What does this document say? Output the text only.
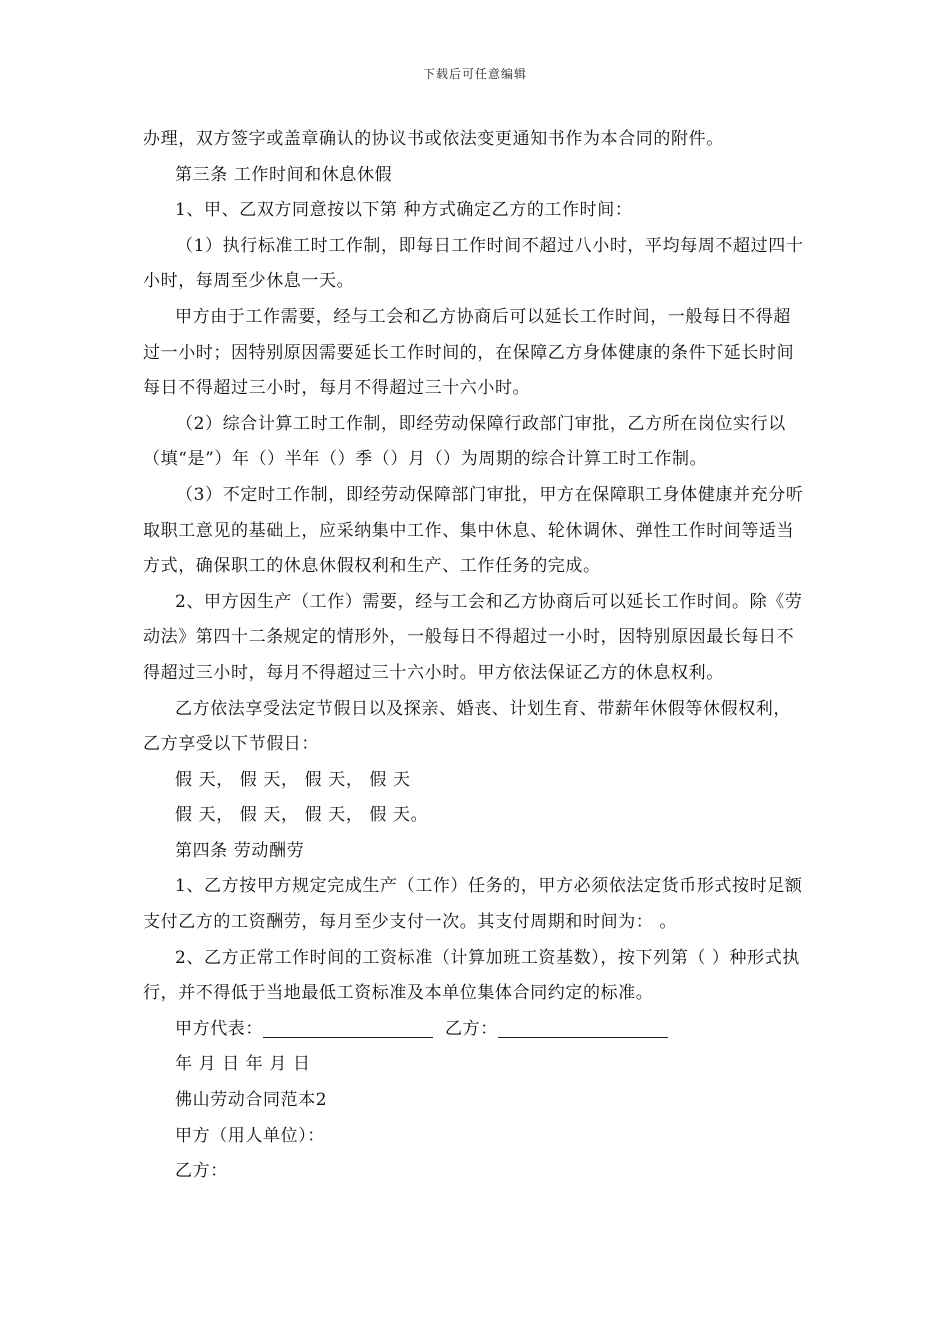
下载后可任意编辑

办理，双方签字或盖章确认的协议书或依法变更通知书作为本合同的附件。

第三条 工作时间和休息休假

1、甲、乙双方同意按以下第 种方式确定乙方的工作时间：

（1）执行标准工时工作制，即每日工作时间不超过八小时，平均每周不超过四十小时，每周至少休息一天。

甲方由于工作需要，经与工会和乙方协商后可以延长工作时间，一般每日不得超过一小时；因特别原因需要延长工作时间的，在保障乙方身体健康的条件下延长时间每日不得超过三小时，每月不得超过三十六小时。

（2）综合计算工时工作制，即经劳动保障行政部门审批，乙方所在岗位实行以（填“是”）年（）半年（）季（）月（）为周期的综合计算工时工作制。

（3）不定时工作制，即经劳动保障部门审批，甲方在保障职工身体健康并充分听取职工意见的基础上，应采纳集中工作、集中休息、轮休调休、弹性工作时间等适当方式，确保职工的休息休假权利和生产、工作任务的完成。

2、甲方因生产（工作）需要，经与工会和乙方协商后可以延长工作时间。除《劳动法》第四十二条规定的情形外，一般每日不得超过一小时，因特别原因最长每日不得超过三小时，每月不得超过三十六小时。甲方依法保证乙方的休息权利。

乙方依法享受法定节假日以及探亲、婚丧、计划生育、带薪年休假等休假权利，乙方享受以下节假日：

假 天， 假 天， 假 天， 假 天

假 天， 假 天， 假 天， 假 天。

第四条 劳动酬劳

1、乙方按甲方规定完成生产（工作）任务的，甲方必须依法定货币形式按时足额支付乙方的工资酬劳，每月至少支付一次。其支付周期和时间为： 。

2、乙方正常工作时间的工资标准（计算加班工资基数），按下列第（ ）种形式执行，并不得低于当地最低工资标准及本单位集体合同约定的标准。

甲方代表：	乙方：

年 月 日 年 月 日

佛山劳动合同范本2

甲方（用人单位）：

乙方：
